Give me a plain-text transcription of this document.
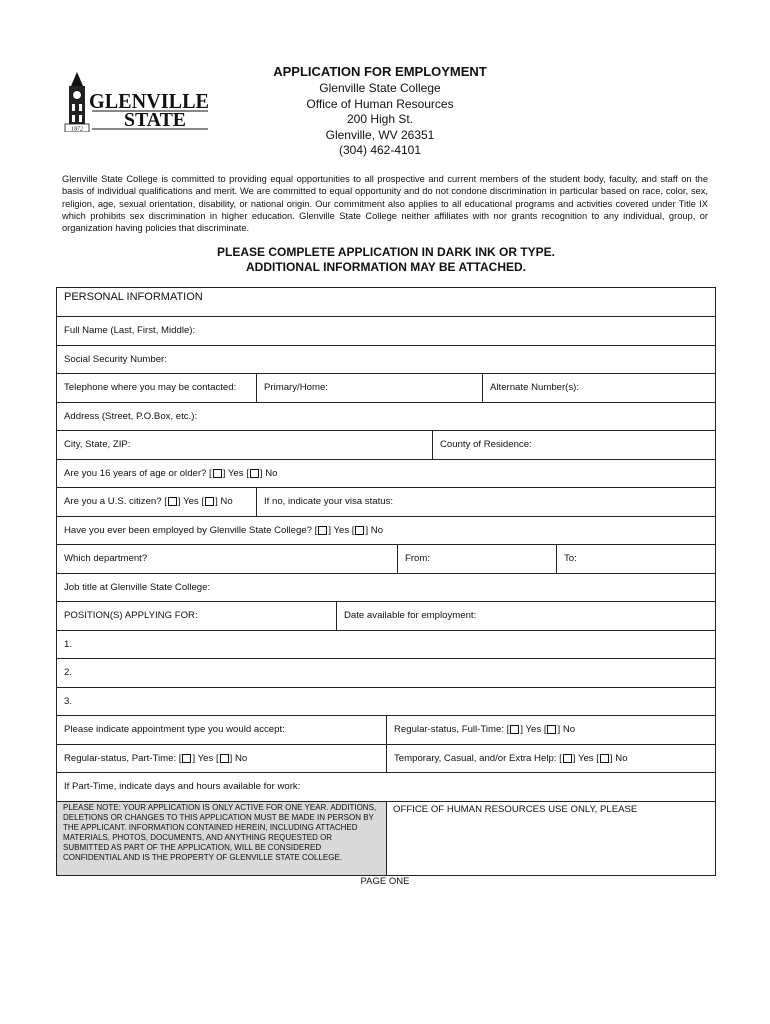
1872
GLENVILLE
STATE
APPLICATION FOR EMPLOYMENT
Glenville State College
Office of Human Resources
200 High St.
Glenville, WV 26351
(304) 462-4101
Glenville State College is committed to providing equal opportunities to all prospective and current members of the student body, faculty, and staff on the basis of individual qualifications and merit. We are committed to equal opportunity and do not condone discrimination in particular based on race, color, sex, religion, age, sexual orientation, disability, or national origin. Our commitment also applies to all educational programs and activities covered under Title IX which prohibits sex discrimination in higher education. Glenville State College neither affiliates with nor grants recognition to any individual, group, or organization having policies that discriminate.
PLEASE COMPLETE APPLICATION IN DARK INK OR TYPE.
ADDITIONAL INFORMATION MAY BE ATTACHED.
PERSONAL INFORMATION
Full Name (Last, First, Middle):
Social Security Number:
Telephone where you may be contacted:	Primary/Home:	Alternate Number(s):
Address (Street, P.O.Box, etc.):
City, State, ZIP:	County of Residence:
Are you 16 years of age or older? [ ] Yes [ ] No
Are you a U.S. citizen? [ ] Yes [ ] No	If no, indicate your visa status:
Have you ever been employed by Glenville State College? [ ] Yes [ ] No
Which department?	From:	To:
Job title at Glenville State College:
POSITION(S) APPLYING FOR:	Date available for employment:
1.
2.
3.
Please indicate appointment type you would accept:	Regular-status, Full-Time: [ ] Yes [ ] No
Regular-status, Part-Time: [ ] Yes [ ] No	Temporary, Casual, and/or Extra Help: [ ] Yes [ ] No
If Part-Time, indicate days and hours available for work:
PLEASE NOTE: YOUR APPLICATION IS ONLY ACTIVE FOR ONE YEAR. ADDITIONS, DELETIONS OR CHANGES TO THIS APPLICATION MUST BE MADE IN PERSON BY THE APPLICANT. INFORMATION CONTAINED HEREIN, INCLUDING ATTACHED MATERIALS, PHOTOS, DOCUMENTS, AND ANYTHING REQUESTED OR SUBMITTED AS PART OF THE APPLICATION, WILL BE CONSIDERED CONFIDENTIAL AND IS THE PROPERTY OF GLENVILLE STATE COLLEGE.
OFFICE OF HUMAN RESOURCES USE ONLY, PLEASE
PAGE ONE
